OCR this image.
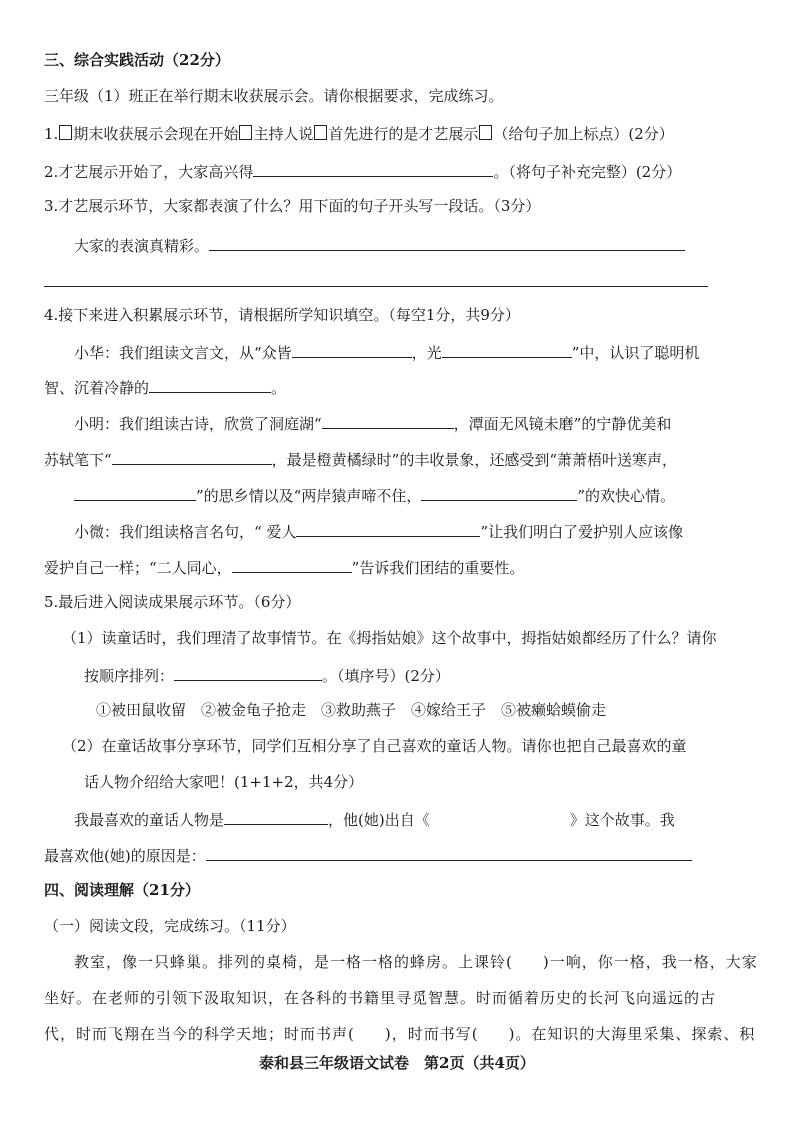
三、综合实践活动（22分）
三年级（1）班正在举行期末收获展示会。请你根据要求，完成练习。
1. 期末收获展示会现在开始 主持人说 首先进行的是才艺展示 （给句子加上标点）(2分）
2.才艺展示开始了，大家高兴得	。（将句子补充完整）(2分）
3.才艺展示环节，大家都表演了什么？用下面的句子开头写一段话。（3分）
大家的表演真精彩。
4.接下来进入积累展示环节，请根据所学知识填空。（每空1分，共9分）
小华：我们组读文言文，从“众皆	，光	”中，认识了聪明机
智、沉着冷静的	。
小明：我们组读古诗，欣赏了洞庭湖“	，潭面无风镜未磨”的宁静优美和
苏轼笔下“	，最是橙黄橘绿时”的丰收景象，还感受到“萧萧梧叶送寒声，
”的思乡情以及“两岸猿声啼不住，	”的欢快心情。
小微：我们组读格言名句，“ 爱人	”让我们明白了爱护别人应该像
爱护自己一样；“二人同心，	”告诉我们团结的重要性。
5.最后进入阅读成果展示环节。（6分）
（1）读童话时，我们理清了故事情节。在《拇指姑娘》这个故事中，拇指姑娘都经历了什么？请你
按顺序排列：	。（填序号）(2分）
①被田鼠收留　②被金龟子抢走　③救助燕子　④嫁给王子　⑤被癞蛤蟆偷走
（2）在童话故事分享环节，同学们互相分享了自己喜欢的童话人物。请你也把自己最喜欢的童
话人物介绍给大家吧！(1+1+2，共4分）
我最喜欢的童话人物是	，他(她)出自《	》这个故事。我
最喜欢他(她)的原因是：
四、阅读理解（21分）
（一）阅读文段，完成练习。（11分）
教室，像一只蜂巢。排列的桌椅，是一格一格的蜂房。上课铃( )一响，你一格，我一格，大家
坐好。在老师的引领下汲取知识，在各科的书籍里寻觅智慧。时而循着历史的长河飞向遥远的古
代，时而飞翔在当今的科学天地；时而书声( )，时而书写( )。在知识的大海里采集、探索、积
泰和县三年级语文试卷　第2页（共4页）
